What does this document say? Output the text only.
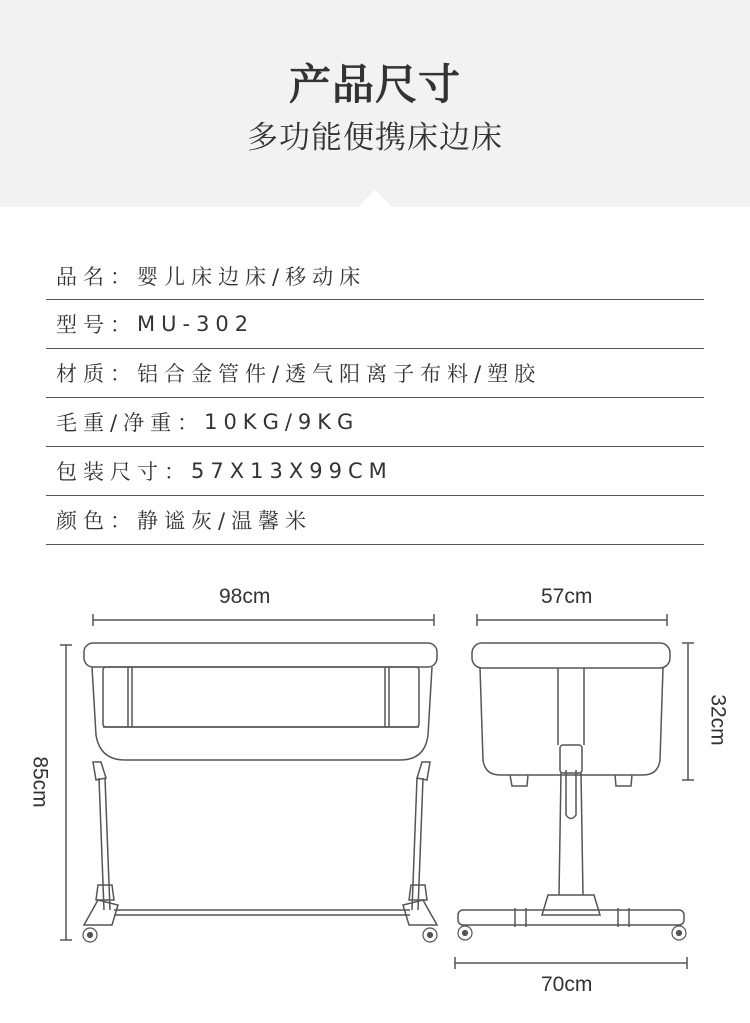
产品尺寸
多功能便携床边床
品名： 婴儿床边床/移动床
型号： MU-302
材质： 铝合金管件/透气阳离子布料/塑胶
毛重/净重： 10KG/9KG
包装尺寸： 57X13X99CM
颜色： 静谧灰/温馨米
98cm
85cm
57cm
32cm
70cm
